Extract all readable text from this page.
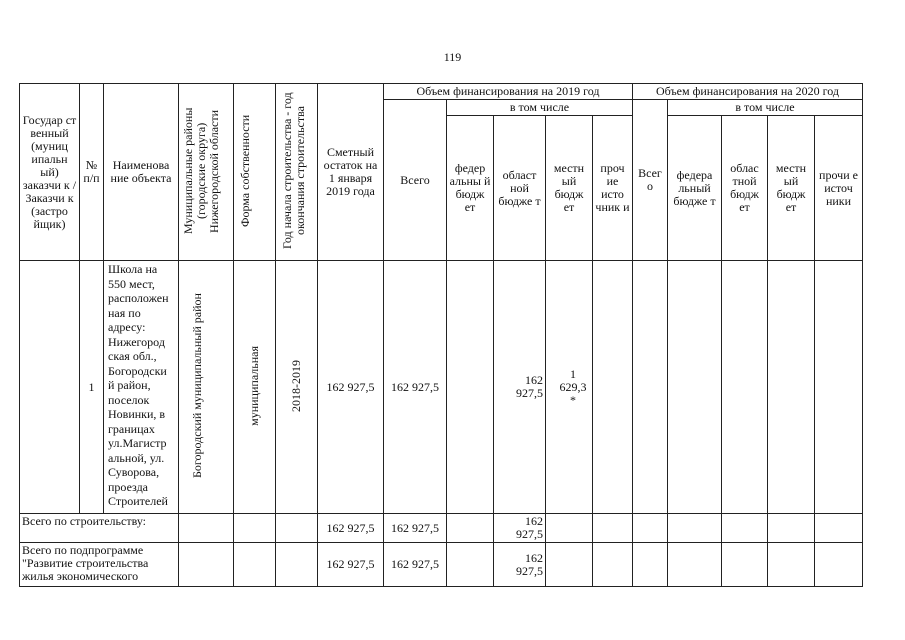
119
Государ ст венный (муниц ипальн ый) заказчи к / Заказчи к (застро йщик)	№ п/п	Наименова ние объекта	Муниципальные районы (городские округа) Нижегородской области	Форма собственности	Год начала строительства - год окончания строительства	Сметный остаток на 1 января 2019 года	Объем финансирования на 2019 год					Объем финансирования на 2020 год				
							Всего	в том числе				Всег о	в том числе			
								федер альны й бюдж ет	област ной бюдже т	местн ый бюдж ет	проч ие исто чник и		федера льный бюдже т	облас тной бюдж ет	местн ый бюдж ет	прочи е источ ники
	1	Школа на 550 мест, расположен ная по адресу: Нижегород ская обл., Богородски й район, поселок Новинки, в границах ул.Магистр альной, ул. Суворова, проезда Строителей	Богородский муниципальный район	муниципальная	2018-2019	162 927,5	162 927,5		162 927,5	1 629,3 *						
Всего по строительству:						162 927,5	162 927,5		162 927,5							
Всего по подпрограмме "Развитие строительства жилья экономического						162 927,5	162 927,5		162 927,5							
